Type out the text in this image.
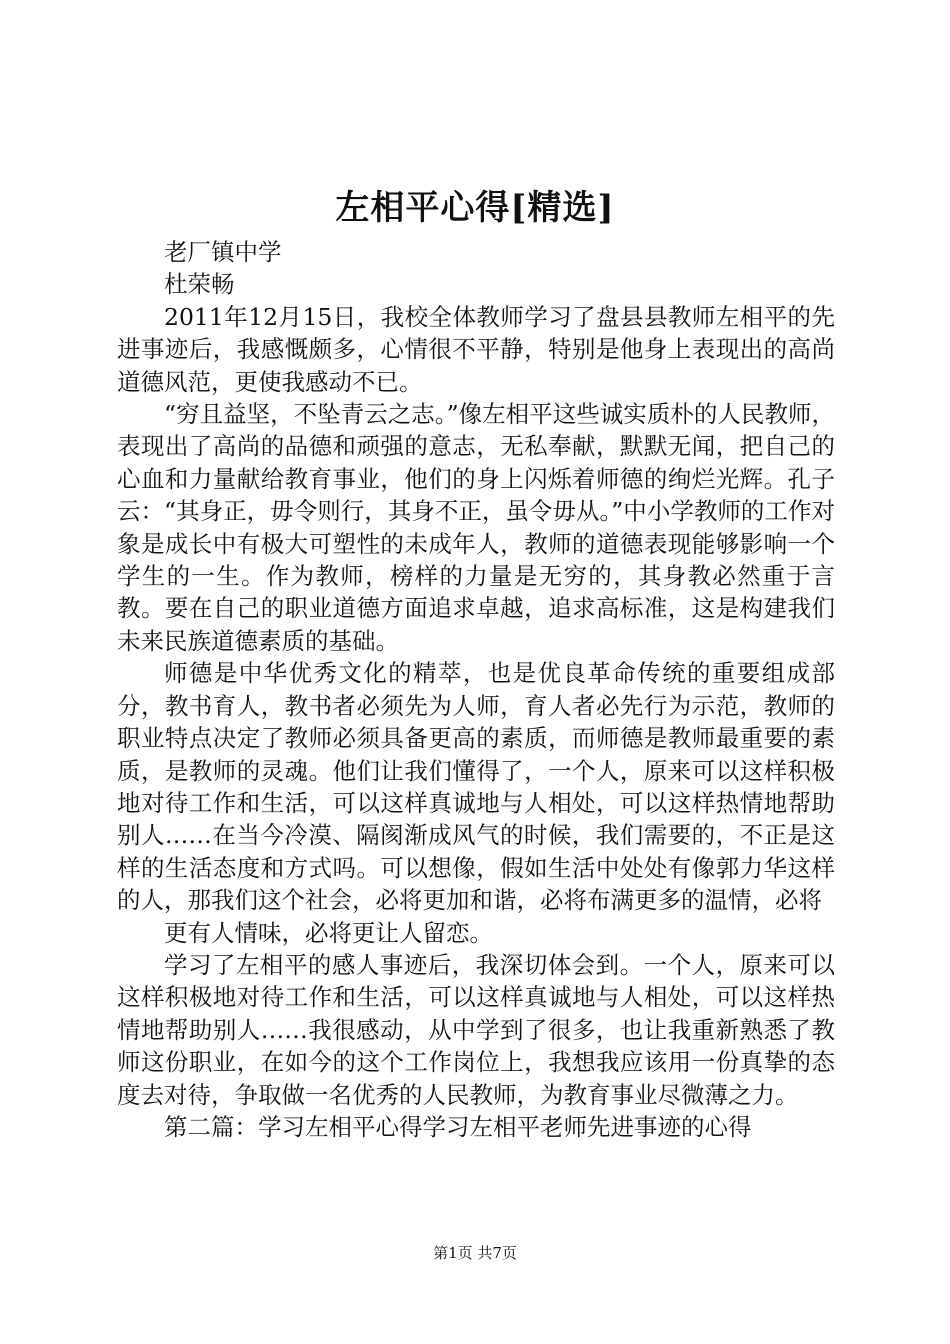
左相平心得[精选]

老厂镇中学

杜荣畅

2011年12月15日，我校全体教师学习了盘县县教师左相平的先进事迹后，我感慨颇多，心情很不平静，特别是他身上表现出的高尚道德风范，更使我感动不已。

“穷且益坚，不坠青云之志。”像左相平这些诚实质朴的人民教师，表现出了高尚的品德和顽强的意志，无私奉献，默默无闻，把自己的心血和力量献给教育事业，他们的身上闪烁着师德的绚烂光辉。孔子云：“其身正，毋令则行，其身不正，虽令毋从。”中小学教师的工作对象是成长中有极大可塑性的未成年人，教师的道德表现能够影响一个学生的一生。作为教师，榜样的力量是无穷的，其身教必然重于言教。要在自己的职业道德方面追求卓越，追求高标准，这是构建我们未来民族道德素质的基础。

师德是中华优秀文化的精萃，也是优良革命传统的重要组成部分，教书育人，教书者必须先为人师，育人者必先行为示范，教师的职业特点决定了教师必须具备更高的素质，而师德是教师最重要的素质，是教师的灵魂。他们让我们懂得了，一个人，原来可以这样积极地对待工作和生活，可以这样真诚地与人相处，可以这样热情地帮助别人……在当今冷漠、隔阂渐成风气的时候，我们需要的，不正是这样的生活态度和方式吗。可以想像，假如生活中处处有像郭力华这样的人，那我们这个社会，必将更加和谐，必将布满更多的温情，必将

更有人情味，必将更让人留恋。

学习了左相平的感人事迹后，我深切体会到。一个人，原来可以这样积极地对待工作和生活，可以这样真诚地与人相处，可以这样热情地帮助别人……我很感动，从中学到了很多，也让我重新熟悉了教师这份职业，在如今的这个工作岗位上，我想我应该用一份真挚的态度去对待，争取做一名优秀的人民教师，为教育事业尽微薄之力。

第二篇：学习左相平心得学习左相平老师先进事迹的心得

第1页 共7页
